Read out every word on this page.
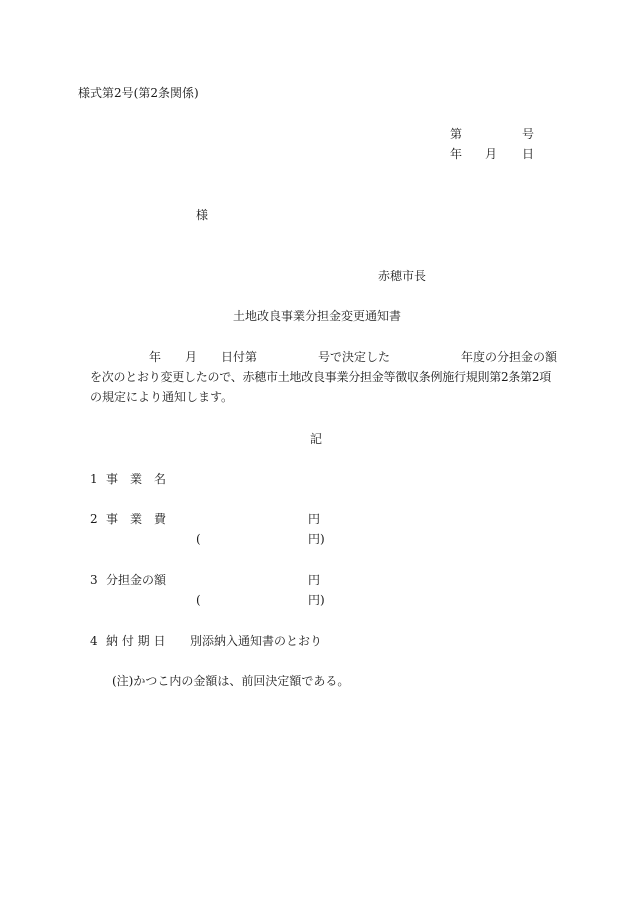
様式第2号(第2条関係)
第	号
年 月 日
様
赤穂市長
土地改良事業分担金変更通知書
年 月 日付第	号で決定した	年度の分担金の額
を次のとおり変更したので、赤穂市土地改良事業分担金等徴収条例施行規則第2条第2項
の規定により通知します。
記
1 事　業　名
2 事　業　費	円
(	円)
3 分担金の額	円
(	円)
4 納 付 期 日 別添納入通知書のとおり
(注)かつこ内の金額は、前回決定額である。
